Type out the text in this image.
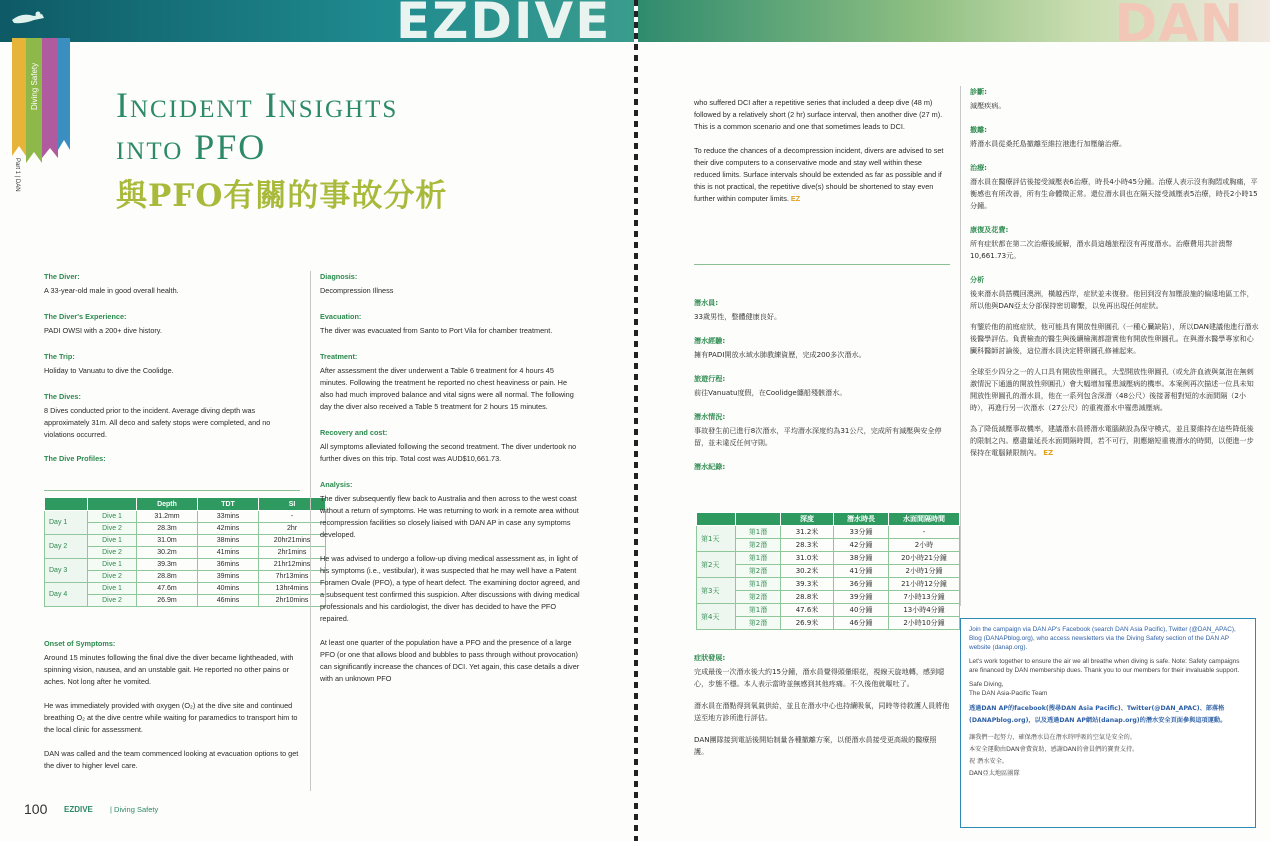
EZDIVE
Diving Safety
Part 1 | DAN
Incident Insights
into PFO
與PFO有關的事故分析

The Diver:

A 33-year-old male in good overall health.

The Diver's Experience:

PADI OWSI with a 200+ dive history.

The Trip:

Holiday to Vanuatu to dive the Coolidge.

The Dives:

8 Dives conducted prior to the incident. Average diving depth was approximately 31m. All deco and safety stops were completed, and no violations occurred.

The Dive Profiles:

		Depth	TDT	SI
Day 1	Dive 1	31.2mm	33mins	-
	Dive 2	28.3m	42mins	2hr
Day 2	Dive 1	31.0m	38mins	20hr21mins
	Dive 2	30.2m	41mins	2hr1mins
Day 3	Dive 1	39.3m	36mins	21hr12mins
	Dive 2	28.8m	39mins	7hr13mins
Day 4	Dive 1	47.6m	40mins	13hr4mins
	Dive 2	26.9m	46mins	2hr10mins

Onset of Symptoms:

Around 15 minutes following the final dive the diver became lightheaded, with spinning vision, nausea, and an unstable gait. He reported no other pains or aches. Not long after he vomited.

He was immediately provided with oxygen (O₂) at the dive site and continued breathing O₂ at the dive centre while waiting for paramedics to transport him to the local clinic for assessment.

DAN was called and the team commenced looking at evacuation options to get the diver to higher level care.

Diagnosis:

Decompression Illness

Evacuation:

The diver was evacuated from Santo to Port Vila for chamber treatment.

Treatment:

After assessment the diver underwent a Table 6 treatment for 4 hours 45 minutes. Following the treatment he reported no chest heaviness or pain. He also had much improved balance and vital signs were all normal. The following day the diver also received a Table 5 treatment for 2 hours 15 minutes.

Recovery and cost:

All symptoms alleviated following the second treatment. The diver undertook no further dives on this trip. Total cost was AUD$10,661.73.

Analysis:

The diver subsequently flew back to Australia and then across to the west coast without a return of symptoms. He was returning to work in a remote area without recompression facilities so closely liaised with DAN AP in case any symptoms developed.

He was advised to undergo a follow-up diving medical assessment as, in light of his symptoms (i.e., vestibular), it was suspected that he may well have a Patent Foramen Ovale (PFO), a type of heart defect. The examining doctor agreed, and a subsequent test confirmed this suspicion. After discussions with diving medical professionals and his cardiologist, the diver has decided to have the PFO repaired.

At least one quarter of the population have a PFO and the presence of a large PFO (or one that allows blood and bubbles to pass through without provocation) can significantly increase the chances of DCI. Yet again, this case details a diver with an unknown PFO

100 EZDIVE | Diving Safety
DAN

who suffered DCI after a repetitive series that included a deep dive (48 m) followed by a relatively short (2 hr) surface interval, then another dive (27 m). This is a common scenario and one that sometimes leads to DCI.

To reduce the chances of a decompression incident, divers are advised to set their dive computers to a conservative mode and stay well within these reduced limits. Surface intervals should be extended as far as possible and if this is not practical, the repetitive dive(s) should be shortened to stay even further within computer limits. EZ

潛水員:

33歲男性，整體健康良好。

潛水經驗:

擁有PADI開放水域水肺教練資歷，完成200多次潛水。

旅遊行程:

前往Vanuatu度假，在Coolidge纏船殘骸潛水。

潛水情況:

事故發生前已進行8次潛水，平均潛水深度約為31公尺，完成所有減壓與安全停留，並未違反任何守則。

潛水紀錄:

		深度	潛水時長	水面間隔時間
第1天	第1潛	31.2米	33分鐘	-
	第2潛	28.3米	42分鐘	2小時
第2天	第1潛	31.0米	38分鐘	20小時21分鐘
	第2潛	30.2米	41分鐘	2小時1分鐘
第3天	第1潛	39.3米	36分鐘	21小時12分鐘
	第2潛	28.8米	39分鐘	7小時13分鐘
第4天	第1潛	47.6米	40分鐘	13小時4分鐘
	第2潛	26.9米	46分鐘	2小時10分鐘

症狀發展:

完成最後一次潛水後大約15分鐘，潛水員覺得頭暈眼花，視線天旋地轉，感到噁心，步態不穩。本人表示當時並無感到其他疼痛。不久後他就嘔吐了。

潛水員在潛點得到氧氣供給，並且在潛水中心也持續吸氧，同時等待救護人員將他送至地方診所進行評估。

DAN團隊接到電話後開始制量各種撤離方案，以便潛水員接受更高級的醫療照護。

診斷:

減壓疾病。

撤離:

將潛水員從桑托島撤離至維拉港進行加壓艙治療。

治療:

潛水員在醫療評估後接受減壓表6治療，時長4小時45分鐘。治療人表示沒有胸悶或胸痛，平衡感也有所改善，所有生命體徵正常。還位潛水員也在隔天接受減壓表5治療，時長2小時15分鐘。

康復及花費:

所有症狀都在第二次治療後緩解，潛水員這趟旅程沒有再度潛水。治療費用共計澳幣10,661.73元。

分析

後來潛水員搭機回澳洲，橫越西岸，症狀並未復發。他回到沒有加壓設施的偏遠地區工作，所以他與DAN亞太分部保持密切聯繫，以免再出現任何症狀。

有鑒於他的前庭症狀，他可能具有開放性卵圓孔（一種心臟缺陷），所以DAN建議他進行潛水後醫學評估。負責檢查的醫生與後續檢測都證實他有開放性卵圓孔。在與潛水醫學專家和心臟科醫師討論後，這位潛水員決定將卵圓孔修補起來。

全球至少四分之一的人口具有開放性卵圓孔，大型開放性卵圓孔（或允許血液與氣泡在無刺激情況下通過的開放性卵圓孔）會大幅增加罹患減壓病的機率。本案例再次描述一位具未知開放性卵圓孔的潛水員，他在一系列包含深潛（48公尺）後接著相對短的水面間隔（2小時），再進行另一次潛水（27公尺）的重複潛水中罹患減壓病。

為了降低減壓事故機率，建議潛水員將潛水電腦錶設為保守模式，並且要維持在這些降低後的限制之內。應盡量延長水面間隔時間，若不可行，則應縮短重複潛水的時間，以便進一步保持在電腦錶限制內。 EZ

Join the campaign via DAN AP's Facebook (search DAN Asia Pacific), Twitter (@DAN_APAC), Blog (DANAPblog.org), who access newsletters via the Diving Safety section of the DAN AP website (danap.org).

Let's work together to ensure the air we all breathe when diving is safe. Note: Safety campaigns are financed by DAN membership dues. Thank you to our members for their invaluable support.

Safe Diving,

The DAN Asia-Pacific Team

透過DAN AP的facebook(搜尋DAN Asia Pacific)、Twitter(@DAN_APAC)、部落格(DANAPblog.org)，以及透過DAN AP網站(danap.org)的潛水安全頁面參與這項運動。

讓我們一起努力，確保潛水員在潛水時呼吸的空氣是安全的。

本安全運動由DAN會費資助，感謝DAN的會員們的寶貴支持。

祝 潛水安全。

DAN亞太地區團隊
